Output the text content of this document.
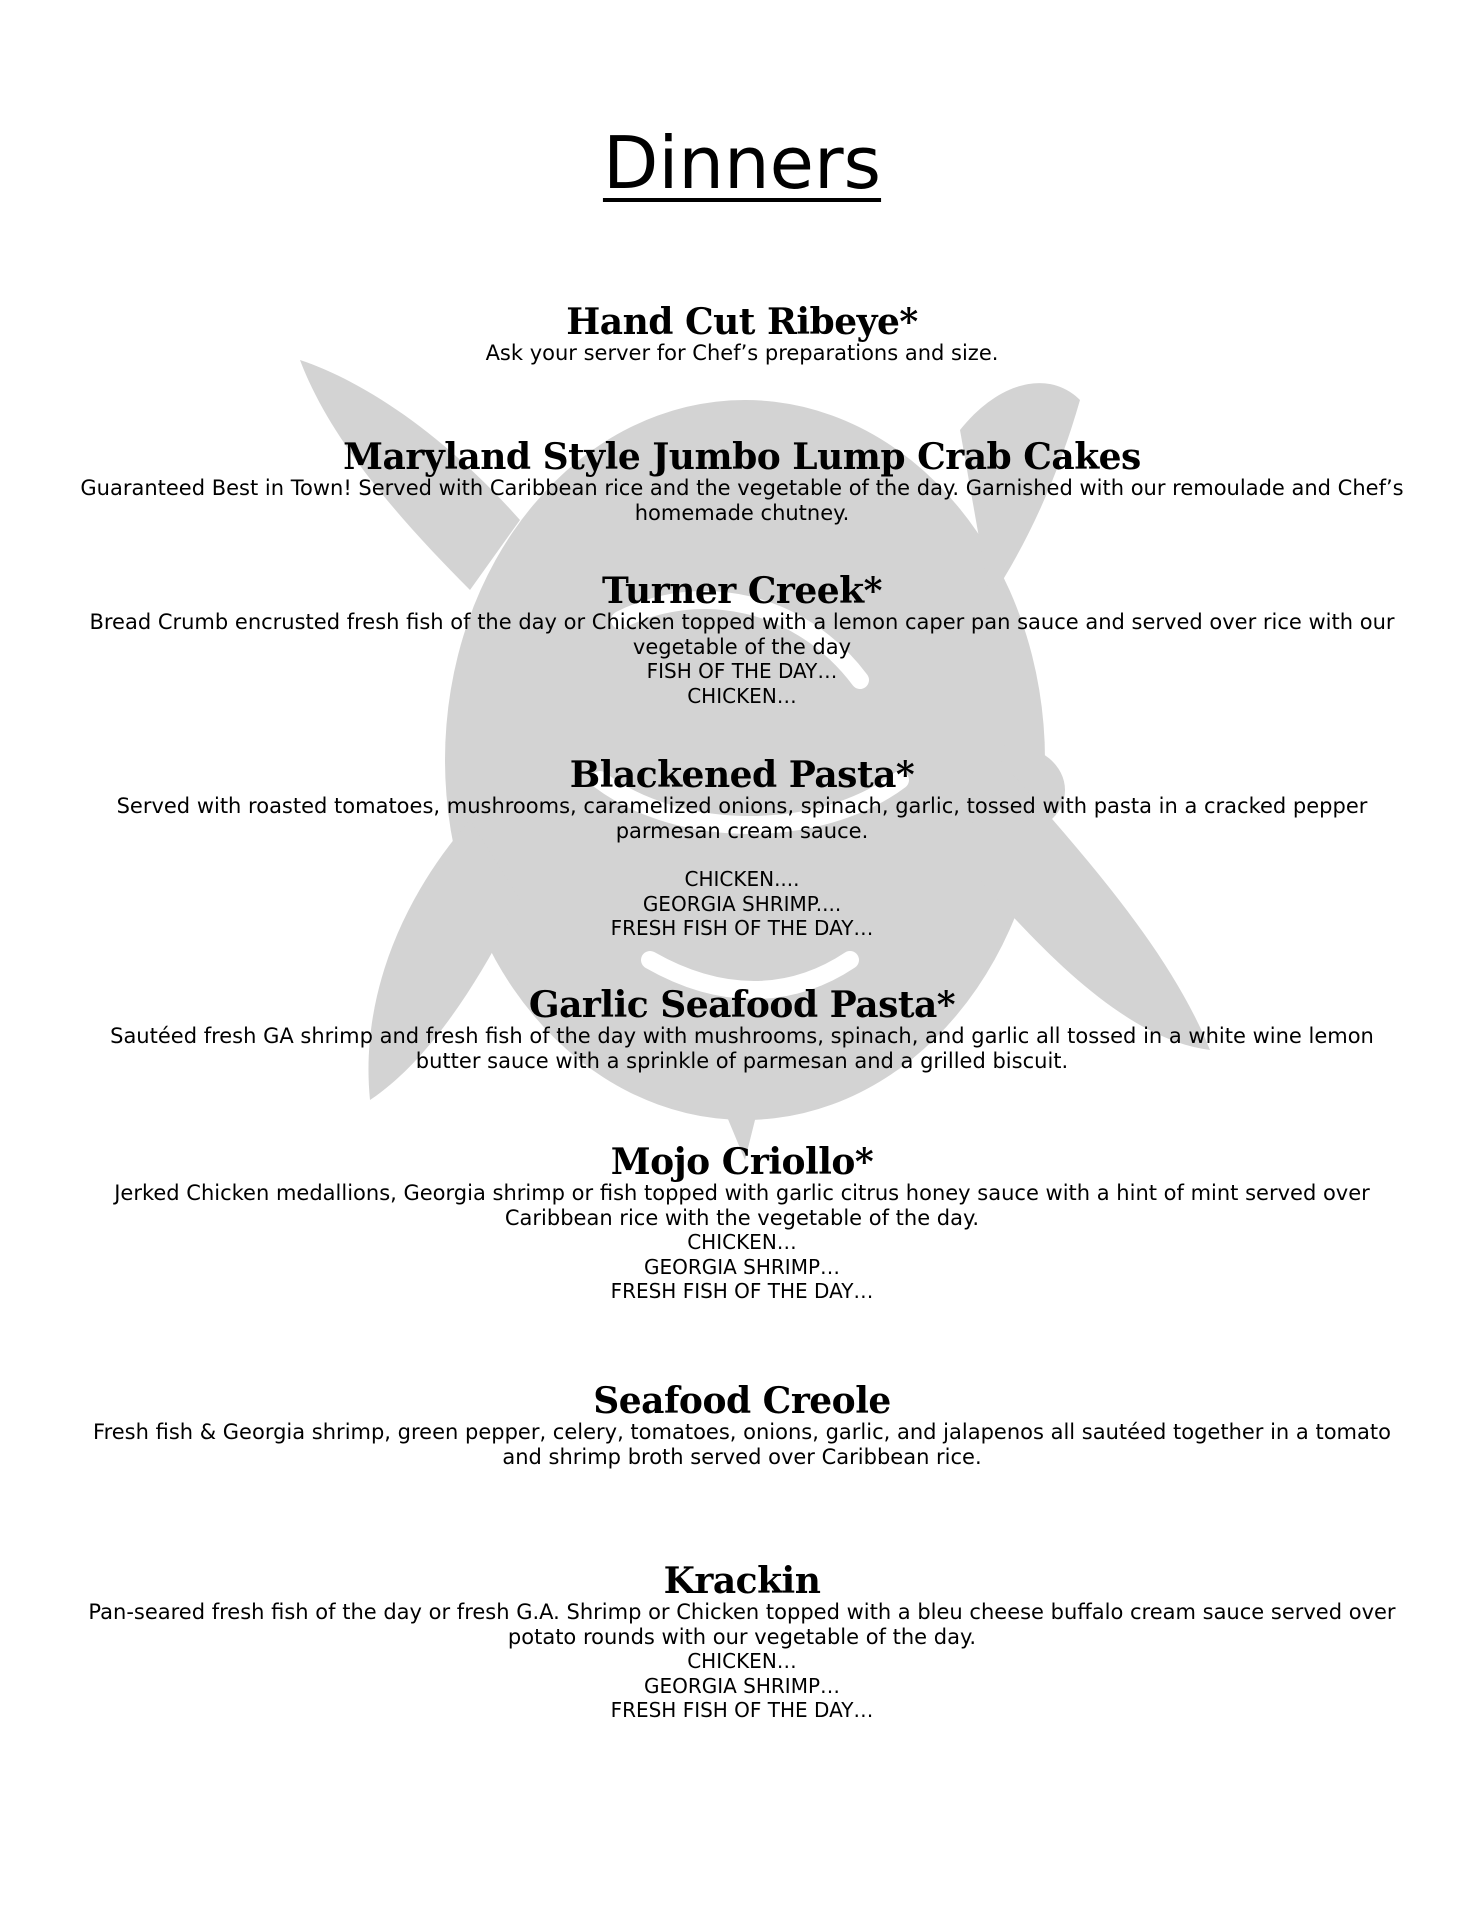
Dinners
Hand Cut Ribeye*

Ask your server for Chef’s preparations and size.

Maryland Style Jumbo Lump Crab Cakes

Guaranteed Best in Town! Served with Caribbean rice and the vegetable of the day. Garnished with our remoulade and Chef’s homemade chutney.

Turner Creek*

Bread Crumb encrusted fresh fish of the day or Chicken topped with a lemon caper pan sauce and served over rice with our vegetable of the day

FISH OF THE DAY…
CHICKEN…
Blackened Pasta*

Served with roasted tomatoes, mushrooms, caramelized onions, spinach, garlic, tossed with pasta in a cracked pepper parmesan cream sauce.

CHICKEN....
GEORGIA SHRIMP....
FRESH FISH OF THE DAY…
Garlic Seafood Pasta*

Sautéed fresh GA shrimp and fresh fish of the day with mushrooms, spinach, and garlic all tossed in a white wine lemon butter sauce with a sprinkle of parmesan and a grilled biscuit.

Mojo Criollo*

Jerked Chicken medallions, Georgia shrimp or fish topped with garlic citrus honey sauce with a hint of mint served over Caribbean rice with the vegetable of the day.

CHICKEN…
GEORGIA SHRIMP…
FRESH FISH OF THE DAY…
Seafood Creole

Fresh fish & Georgia shrimp, green pepper, celery, tomatoes, onions, garlic, and jalapenos all sautéed together in a tomato and shrimp broth served over Caribbean rice.

Krackin

Pan-seared fresh fish of the day or fresh G.A. Shrimp or Chicken topped with a bleu cheese buffalo cream sauce served over potato rounds with our vegetable of the day.

CHICKEN…
GEORGIA SHRIMP…
FRESH FISH OF THE DAY…
